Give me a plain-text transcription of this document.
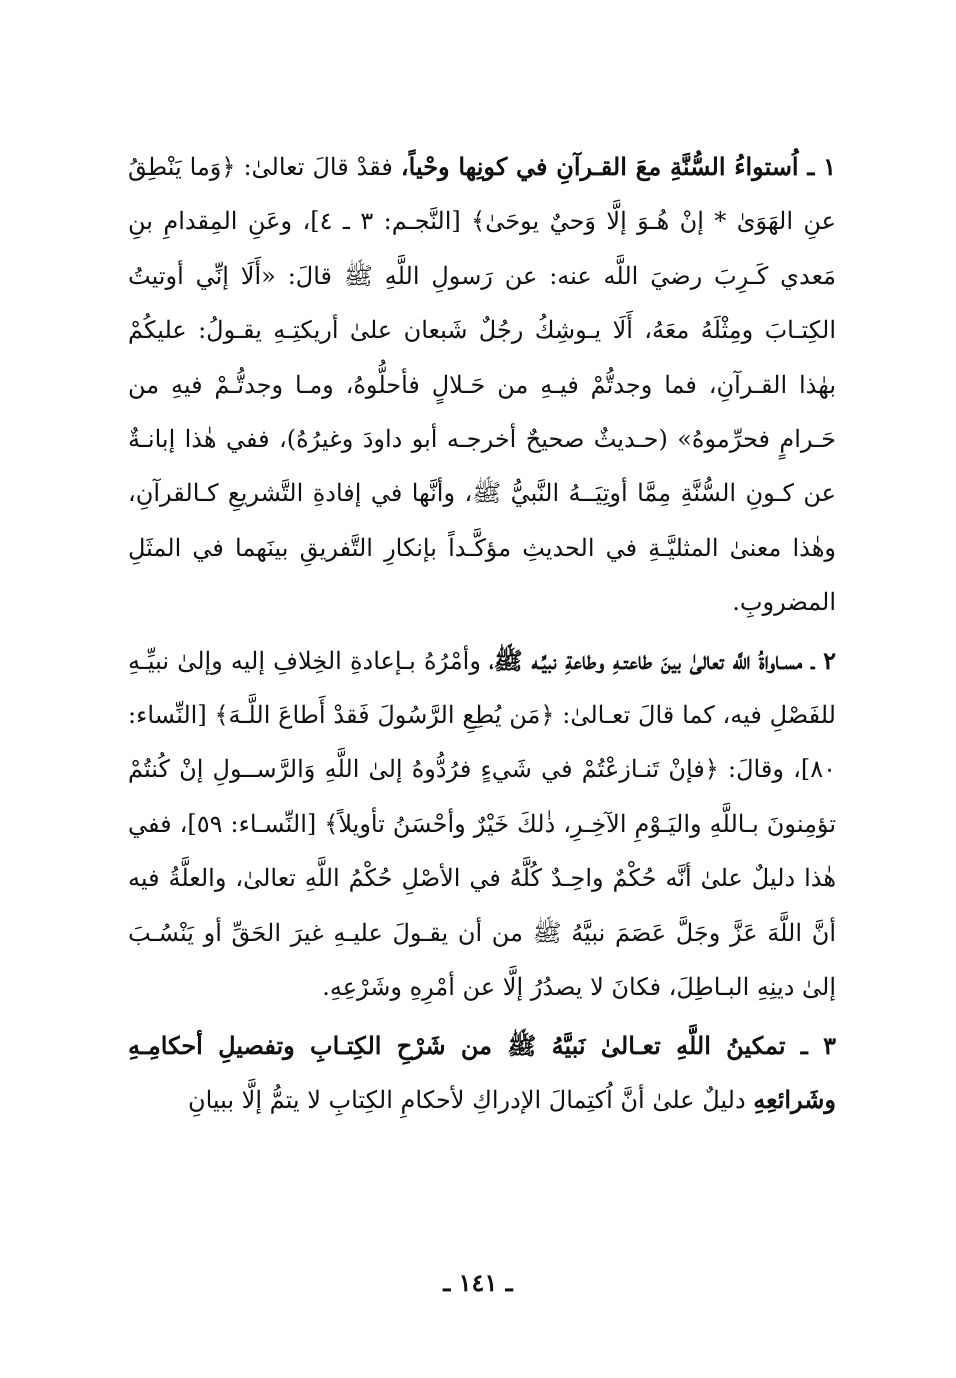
١ ـ اُستواءُ السُّنَّةِ معَ القـرآنِ في كونِها وحْياً، فقدْ قالَ تعالىٰ: ﴿وَما يَنْطِقُ عنِ الهَوَىٰ * إنْ هُـوَ إلَّا وَحيٌ يوحَىٰ﴾ [النَّجـم: ٣ ـ ٤]، وعَنِ المِقدامِ بنِ مَعدي كَـرِبَ رضيَ اللَّه عنه: عن رَسولِ اللَّهِ ﷺ قالَ: «أَلَا إنِّي أوتيتُ الكِتـابَ ومِثْلَهُ معَهُ، أَلَا يـوشِكُ رجُلٌ شَبعان علىٰ أريكتِـهِ يقـولُ: عليكُمْ بهٰذا القـرآنِ، فما وجدتُّمْ فيـهِ من حَـلالٍ فأحلُّوهُ، ومـا وجدتُّـمْ فيهِ من حَـرامٍ فحرِّموهُ» (حـديثٌ صحيحٌ أخرجـه أبو داودَ وغيرُهُ)، ففي هٰذا إبانـةٌ عن كـونِ السُّنَّةِ مِمَّا أوتِيَــهُ النَّبيُّ ﷺ، وأنَّها في إفادةِ التَّشريعِ كـالقرآنِ، وهٰذا معنىٰ المثليَّـةِ في الحديثِ مؤكَّـداً بإنكارِ التَّفريقِ بينَهما في المثَلِ المضروبِ.

٢ ـ مسـاواةُ اللَّه تعالىٰ بينَ طاعتـهِ وطاعةِ نبيِّـه ﷺ، وأمْرُهُ بـإعادةِ الخِلافِ إليه وإلىٰ نبيِّـهِ للفَصْلِ فيه، كما قالَ تعـالىٰ: ﴿مَن يُطِعِ الرَّسُولَ فَقدْ أَطاعَ اللَّـهَ﴾ [النِّساء: ٨٠]، وقالَ: ﴿فإنْ تَنـازعْتُمْ في شَيءٍ فرُدُّوهُ إلىٰ اللَّهِ وَالرَّســولِ إنْ كُنتُمْ تؤمِنونَ بـاللَّهِ واليَـوْمِ الآخِـرِ، ذٰلكَ خَيْرٌ وأحْسَنُ تأويلاً﴾ [النِّسـاء: ٥٩]، ففي هٰذا دليلٌ علىٰ أنَّه حُكْمٌ واحِـدٌ كُلَّهُ في الأصْلِ حُكْمُ اللَّهِ تعالىٰ، والعلَّةُ فيه أنَّ اللَّهَ عَزَّ وجَلَّ عَصَمَ نبيَّهُ ﷺ من أن يقـولَ عليـهِ غيرَ الحَقِّ أو يَنْسُـبَ إلىٰ دينِهِ البـاطِلَ، فكانَ لا يصدُرُ إلَّا عن أمْرِهِ وشَرْعِهِ.

٣ ـ تمكينُ اللَّهِ تعـالىٰ نَبيَّهُ ﷺ من شَرْحِ الكِتـابِ وتفصيلِ أحكامِـهِ وشَرائعِهِ دليلٌ علىٰ أنَّ اُكتِمالَ الإدراكِ لأحكامِ الكِتابِ لا يتمُّ إلَّا ببيانِ

ـ ١٤١ ـ
